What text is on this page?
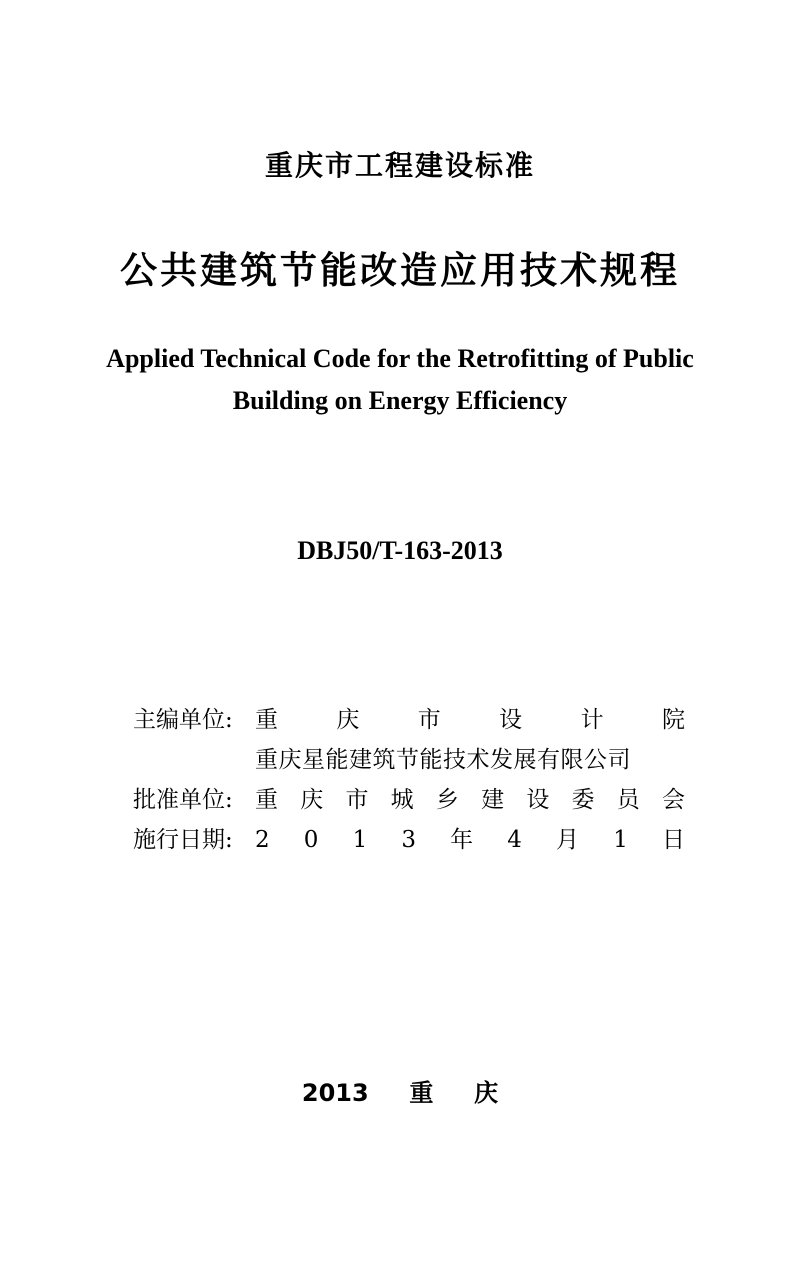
重庆市工程建设标准
公共建筑节能改造应用技术规程
Applied Technical Code for the Retrofitting of Public
Building on Energy Efficiency
DBJ50/T-163-2013
主编单位: 重	庆	市	设	计	院
重庆星能建筑节能技术发展有限公司
批准单位: 重 庆 市 城 乡 建 设 委 员 会
施行日期: 2 0 1 3 年 4 月 1 日
2013 重 庆
